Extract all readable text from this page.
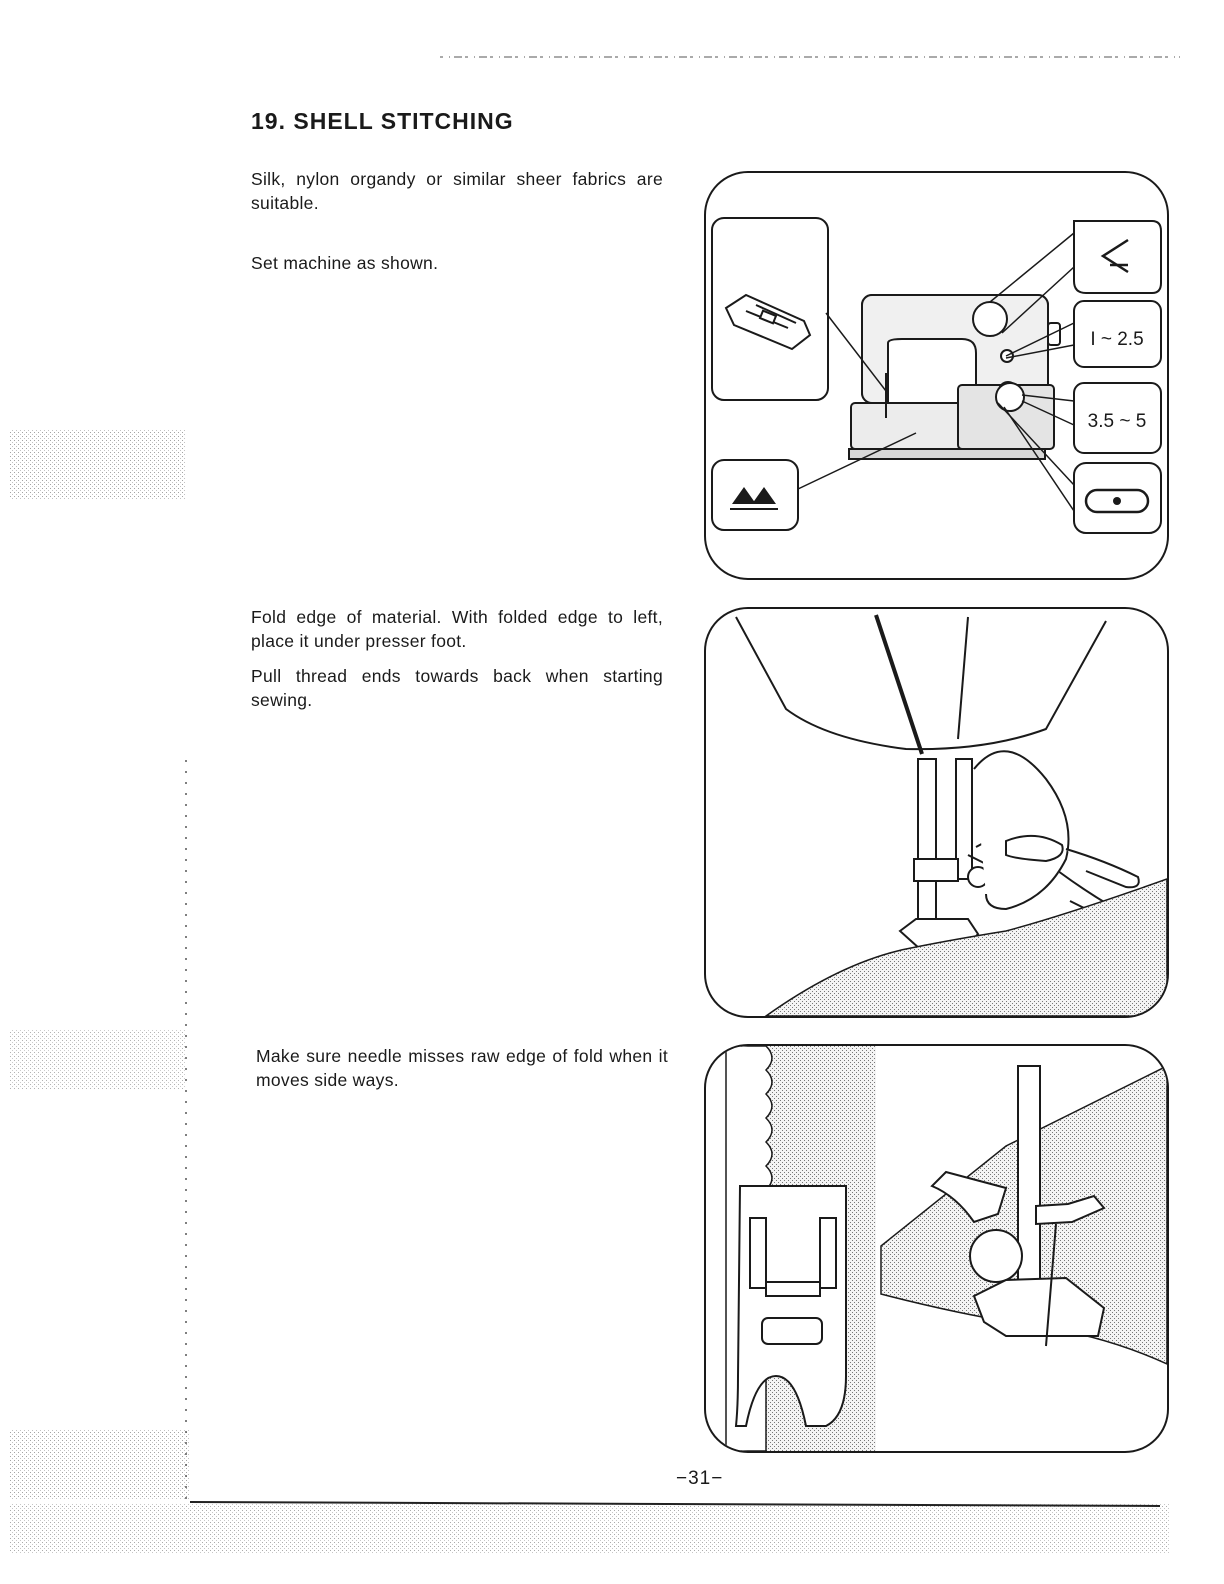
19. SHELL STITCHING

Silk, nylon organdy or similar sheer fabrics are suitable.

Set machine as shown.

Fold edge of material. With folded edge to left, place it under presser foot.

Pull thread ends towards back when starting sewing.

Make sure needle misses raw edge of fold when it moves side ways.

I ~ 2.5
3.5 ~ 5
−31−
